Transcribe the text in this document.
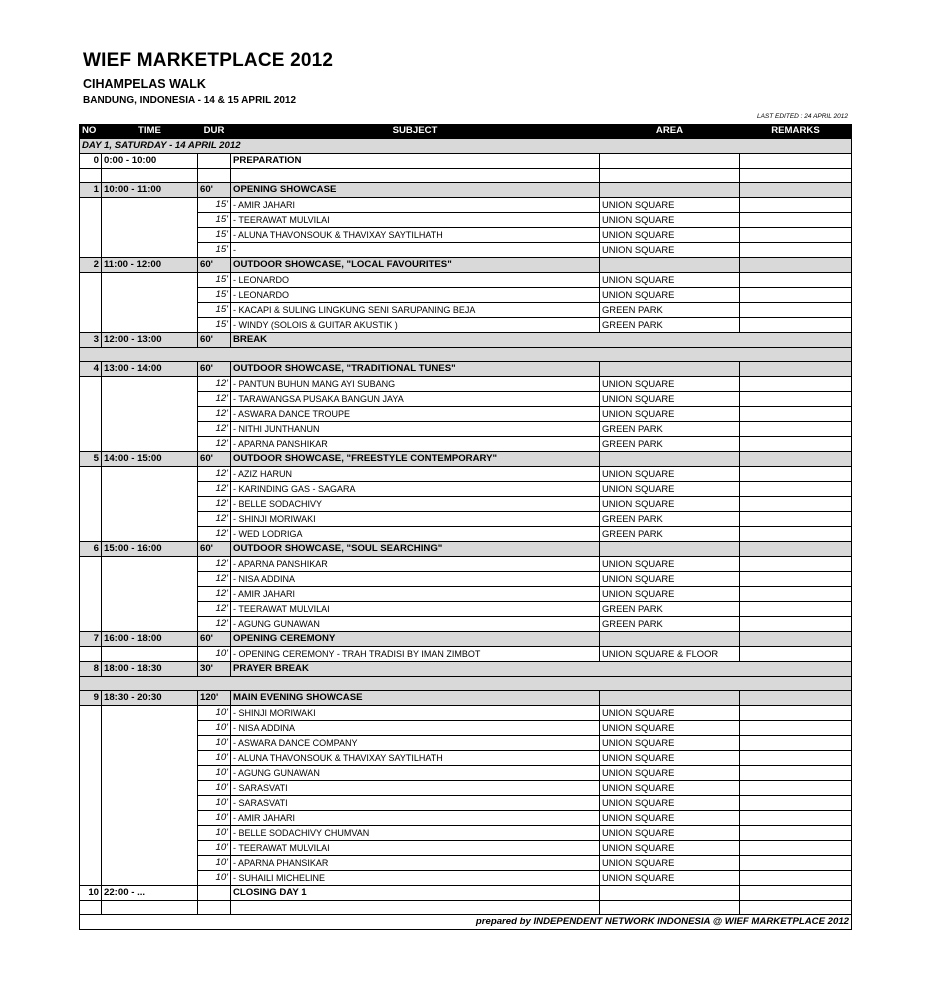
WIEF MARKETPLACE 2012
CIHAMPELAS WALK
BANDUNG, INDONESIA - 14 & 15 APRIL 2012
LAST EDITED : 24 APRIL 2012
NO	TIME	DUR	SUBJECT	AREA	REMARKS
DAY 1, SATURDAY - 14 APRIL 2012					
0	0:00 - 10:00		PREPARATION		

1	10:00 - 11:00	60'	OPENING SHOWCASE		
		15'	- AMIR JAHARI	UNION SQUARE	
		15'	- TEERAWAT MULVILAI	UNION SQUARE	
		15'	- ALUNA THAVONSOUK & THAVIXAY SAYTILHATH	UNION SQUARE	
		15'	-	UNION SQUARE	
2	11:00 - 12:00	60'	OUTDOOR SHOWCASE, "LOCAL FAVOURITES"		
		15'	- LEONARDO	UNION SQUARE	
		15'	- LEONARDO	UNION SQUARE	
		15'	- KACAPI & SULING LINGKUNG SENI SARUPANING BEJA	GREEN PARK	
		15'	- WINDY (SOLOIS & GUITAR AKUSTIK )	GREEN PARK	
3	12:00 - 13:00	60'	BREAK		

4	13:00 - 14:00	60'	OUTDOOR SHOWCASE, "TRADITIONAL TUNES"		
		12'	- PANTUN BUHUN MANG AYI SUBANG	UNION SQUARE	
		12'	- TARAWANGSA PUSAKA BANGUN JAYA	UNION SQUARE	
		12'	- ASWARA DANCE TROUPE	UNION SQUARE	
		12'	- NITHI JUNTHANUN	GREEN PARK	
		12'	- APARNA PANSHIKAR	GREEN PARK	
5	14:00 - 15:00	60'	OUTDOOR SHOWCASE, "FREESTYLE CONTEMPORARY"		
		12'	- AZIZ HARUN	UNION SQUARE	
		12'	- KARINDING GAS - SAGARA	UNION SQUARE	
		12'	- BELLE SODACHIVY	UNION SQUARE	
		12'	- SHINJI MORIWAKI	GREEN PARK	
		12'	- WED LODRIGA	GREEN PARK	
6	15:00 - 16:00	60'	OUTDOOR SHOWCASE, "SOUL SEARCHING"		
		12'	- APARNA PANSHIKAR	UNION SQUARE	
		12'	- NISA ADDINA	UNION SQUARE	
		12'	- AMIR JAHARI	UNION SQUARE	
		12'	- TEERAWAT MULVILAI	GREEN PARK	
		12'	- AGUNG GUNAWAN	GREEN PARK	
7	16:00 - 18:00	60'	OPENING CEREMONY		
		10'	- OPENING CEREMONY - TRAH TRADISI BY IMAN ZIMBOT	UNION SQUARE & FLOOR	
8	18:00 - 18:30	30'	PRAYER BREAK		

9	18:30 - 20:30	120'	MAIN EVENING SHOWCASE		
		10'	- SHINJI MORIWAKI	UNION SQUARE	
		10'	- NISA ADDINA	UNION SQUARE	
		10'	- ASWARA DANCE COMPANY	UNION SQUARE	
		10'	- ALUNA THAVONSOUK & THAVIXAY SAYTILHATH	UNION SQUARE	
		10'	- AGUNG GUNAWAN	UNION SQUARE	
		10'	- SARASVATI	UNION SQUARE	
		10'	- SARASVATI	UNION SQUARE	
		10'	- AMIR JAHARI	UNION SQUARE	
		10'	- BELLE SODACHIVY CHUMVAN	UNION SQUARE	
		10'	- TEERAWAT MULVILAI	UNION SQUARE	
		10'	- APARNA PHANSIKAR	UNION SQUARE	
		10'	- SUHAILI MICHELINE	UNION SQUARE	
10	22:00 - ...		CLOSING DAY 1		

prepared by INDEPENDENT NETWORK INDONESIA @ WIEF MARKETPLACE 2012					
